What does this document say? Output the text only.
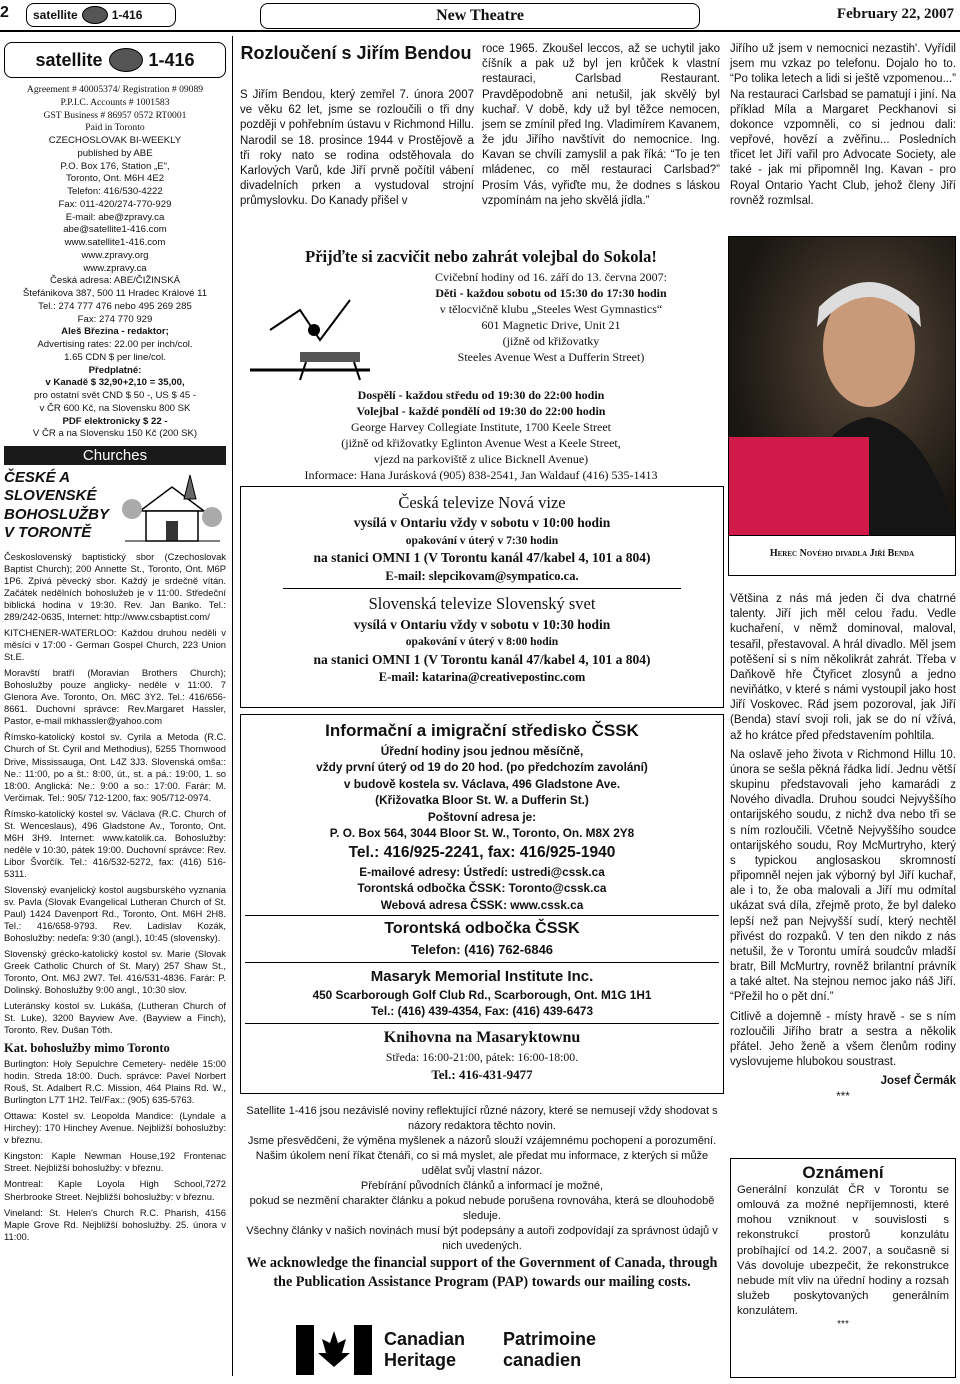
2	satellite	1-416	New Theatre	February 22, 2007
satellite	1-416
Agreement # 40005374/ Registration # 09089
P.P.I.C. Accounts # 1001583
GST Business # 86957 0572 RT0001
Paid in Toronto
CZECHOSLOVAK BI-WEEKLY
published by ABE
P.O. Box 176, Station „E",
Toronto, Ont. M6H 4E2
Telefon: 416/530-4222
Fax: 011-420/274-770-929
E-mail: abe@zpravy.ca
abe@satellite1-416.com
www.satellite1-416.com
www.zpravy.org
www.zpravy.ca
Česká adresa: ABE/ČIŽINSKÁ
Štefánikova 387, 500 11 Hradec Králové 11
Tel.: 274 777 476 nebo 495 269 285
Fax: 274 770 929
Aleš Březina - redaktor;
Advertising rates: 22.00 per inch/col.
1.65 CDN $ per line/col.
Předplatné:
v Kanadě $ 32,90+2,10 = 35,00,
pro ostatní svět CND $ 50 -, US $ 45 -
v ČR 600 Kč, na Slovensku 800 SK
PDF elektronicky $ 22 -
V ČR a na Slovensku 150 Kč (200 SK)
Churches
ČESKÉ A SLOVENSKÉ BOHOSLUŽBY V TORONTĚ

Československý baptistický sbor (Czechoslovak Baptist Church); 200 Annette St., Toronto, Ont. M6P 1P6. Zpívá pěvecký sbor. Každý je srdečně vítán. Začátek nedělních bohoslužeb je v 11:00. Středeční biblická hodina v 19:30. Rev. Jan Banko. Tel.: 289/242-0635, Internet: http://www.csbaptist.com/

KITCHENER-WATERLOO: Každou druhou neděli v měsíci v 17:00 - German Gospel Church, 223 Union St.E.

Moravští bratří (Moravian Brothers Church); Bohoslužby pouze anglicky- neděle v 11:00. 7 Glenora Ave. Toronto, On. M6C 3Y2. Tel.: 416/656-8661. Duchovní správce: Rev.Margaret Hassler, Pastor, e-mail mkhassler@yahoo.com

Římsko-katolický kostol sv. Cyrila a Metoda (R.C. Church of St. Cyril and Methodius), 5255 Thornwood Drive, Mississauga, Ont. L4Z 3J3. Slovenská omša:: Ne.: 11:00, po a št.: 8:00, út., st. a pá.: 19:00, 1. so 18:00. Anglická: Ne.: 9:00 a so.: 17:00. Farár: M. Verčimak. Tel.: 905/ 712-1200, fax: 905/712-0974.

Římsko-katolický kostel sv. Václava (R.C. Church of St. Wenceslaus), 496 Gladstone Av., Toronto, Ont. M6H 3H9. Internet: www.katolik.ca. Bohoslužby: neděle v 10:30, pátek 19:00. Duchovní správce: Rev. Libor Švorčík. Tel.: 416/532-5272, fax: (416) 516-5311.

Slovenský evanjelický kostol augsburského vyznania sv. Pavla (Slovak Evangelical Lutheran Church of St. Paul) 1424 Davenport Rd., Toronto, Ont. M6H 2H8. Tel.: 416/658-9793. Rev. Ladislav Kozák, Bohoslužby: nedeľa: 9:30 (angl.), 10:45 (slovensky).

Slovenský grécko-katolický kostol sv. Marie (Slovak Greek Catholic Church of St. Mary) 257 Shaw St., Toronto, Ont. M6J 2W7. Tel. 416/531-4836. Farár: P. Dolinský. Bohoslužby 9:00 angl., 10:30 slov.

Luteránsky kostol sv. Lukáša, (Lutheran Church of St. Luke), 3200 Bayview Ave. (Bayview a Finch), Toronto. Rev. Dušan Tóth.

Kat. bohoslužby mimo Toronto

Burlington: Holy Sepulchre Cemetery- neděle 15:00 hodin. Streda 18:00. Duch. správce: Pavel Norbert Rouš, St. Adalbert R.C. Mission, 464 Plains Rd. W., Burlington L7T 1H2. Tel/Fax.: (905) 635-5763.

Ottawa: Kostel sv. Leopolda Mandice: (Lyndale a Hirchey): 170 Hinchey Avenue. Nejbližší bohoslužby: v březnu.

Kingston: Kaple Newman House,192 Frontenac Street. Nejbližší bohoslužby: v březnu.

Montreal: Kaple Loyola High School,7272 Sherbrooke Street. Nejbližší bohoslužby: v březnu.

Vineland: St. Helen's Church R.C. Pharish, 4156 Maple Grove Rd. Nejbližší bohoslužby. 25. února v 11:00.

Rozloučení s Jiřím Bendou

S Jiřím Bendou, který zemřel 7. února 2007 ve věku 62 let, jsme se rozloučili o tři dny později v pohřebním ústavu v Richmond Hillu. Narodil se 18. prosince 1944 v Prostějově a tři roky nato se rodina odstěhovala do Karlových Varů, kde Jiří prvně počítil vábení divadelních prken a vystudoval strojní průmyslovku. Do Kanady přišel v

roce 1965. Zkoušel leccos, až se uchytil jako číšník a pak už byl jen krůček k vlastní restauraci, Carlsbad Restaurant. Pravděpodobně ani netušil, jak skvělý byl kuchař. V době, kdy už byl těžce nemocen, jsem se zmínil před Ing. Vladimírem Kavanem, že jdu Jiřího navštívit do nemocnice. Ing. Kavan se chvíli zamyslil a pak říká: “To je ten mládenec, co měl restauraci Carlsbad?” Prosím Vás, vyřiďte mu, že dodnes s láskou vzpomínám na jeho skvělá jídla.”

Jiřího už jsem v nemocnici nezastih'. Vyřídil jsem mu vzkaz po telefonu. Dojalo ho to. “Po tolika letech a lidi si ještě vzpomenou...” Na restauraci Carlsbad se pamatují i jiní. Na příklad Míla a Margaret Peckhanovi si dokonce vzpomněli, co si jednou dali: vepřové, hovězí a zvěřinu... Posledních třicet let Jiří vařil pro Advocate Society, ale také - jak mi připomněl Ing. Kavan - pro Royal Ontario Yacht Club, jehož členy Jiří rovněž rozmlsal.

Herec Nového divadla Jiří Benda

Většina z nás má jeden či dva chatrné talenty. Jiří jich měl celou řadu. Vedle kuchaření, v němž dominoval, maloval, tesařil, přestavoval. A hrál divadlo. Měl jsem potěšení si s ním několikrát zahrát. Třeba v Daňkově hře Čtyřicet zlosynů a jedno neviňátko, v které s námi vystoupil jako host Jiří Voskovec. Rád jsem pozoroval, jak Jiří (Benda) staví svoji roli, jak se do ní vžívá, až ho krátce před představením pohltila.

Na oslavě jeho života v Richmond Hillu 10. února se sešla pěkná řádka lidí. Jednu větší skupinu představovali jeho kamarádi z Nového divadla. Druhou soudci Nejvyššího ontarijského soudu, z nichž dva nebo tři se s ním rozloučili. Včetně Nejvyššího soudce ontarijského soudu, Roy McMurtryho, který s typickou anglosaskou skromností připomněl nejen jak výborný byl Jiří kuchař, ale i to, že oba malovali a Jiří mu odmítal ukázat svá díla, zřejmě proto, že byl daleko lepší než pan Nejvyšší sudí, který nechtěl přivést do rozpaků. V ten den nikdo z nás netušil, že v Torontu umírá soudcův mladší bratr, Bill McMurtry, rovněž brilantní právník a také altet. Na stejnou nemoc jako náš Jiří. “Přežil ho o pět dní.”

Citlivě a dojemně - místy hravě - se s ním rozloučili Jiřího bratr a sestra a několik přátel. Jeho ženě a všem členům rodiny vyslovujeme hlubokou soustrast.

Josef Čermák
***
Oznámení

Generální konzulát ČR v Torontu se omlouvá za možné nepříjemnosti, které mohou vzniknout v souvislosti s rekonstrukcí prostorů konzulátu probíhající od 14.2. 2007, a současně si Vás dovoluje ubezpečit, že rekonstrukce nebude mít vliv na úřední hodiny a rozsah služeb poskytovaných generálním konzulátem.

***
Přijďte si zacvičit nebo zahrát volejbal do Sokola!
Cvičební hodiny od 16. září do 13. června 2007:
Děti - každou sobotu od 15:30 do 17:30 hodin
v tělocvičně klubu „Steeles West Gymnastics“
601 Magnetic Drive, Unit 21
(jižně od křižovatky
Steeles Avenue West a Dufferin Street)
Dospělí - každou středu od 19:30 do 22:00 hodin
Volejbal - každé pondělí od 19:30 do 22:00 hodin
George Harvey Collegiate Institute, 1700 Keele Street
(jižně od křižovatky Eglinton Avenue West a Keele Street,
vjezd na parkoviště z ulice Bicknell Avenue)
Informace: Hana Jurásková (905) 838-2541, Jan Waldauf (416) 535-1413
Česká televize Nová vize
vysílá v Ontariu vždy v sobotu v 10:00 hodin
opakování v úterý v 7:30 hodin
na stanici OMNI 1 (V Torontu kanál 47/kabel 4, 101 a 804)
E-mail: slepcikovam@sympatico.ca.
Slovenská televize Slovenský svet
vysílá v Ontariu vždy v sobotu v 10:30 hodin
opakování v úterý v 8:00 hodin
na stanici OMNI 1 (V Torontu kanál 47/kabel 4, 101 a 804)
E-mail: katarina@creativepostinc.com
Informační a imigrační středisko ČSSK
Úřední hodiny jsou jednou měsíčně,
vždy první úterý od 19 do 20 hod. (po předchozím zavolání)
v budově kostela sv. Václava, 496 Gladstone Ave.
(Křižovatka Bloor St. W. a Dufferin St.)
Poštovní adresa je:
P. O. Box 564, 3044 Bloor St. W., Toronto, On. M8X 2Y8
Tel.: 416/925-2241, fax: 416/925-1940
E-mailové adresy: Ústředí: ustredi@cssk.ca
Torontská odbočka ČSSK: Toronto@cssk.ca
Webová adresa ČSSK: www.cssk.ca
Torontská odbočka ČSSK
Telefon: (416) 762-6846
Masaryk Memorial Institute Inc.
450 Scarborough Golf Club Rd., Scarborough, Ont. M1G 1H1
Tel.: (416) 439-4354, Fax: (416) 439-6473
Knihovna na Masaryktownu
Středa: 16:00-21:00, pátek: 16:00-18:00.
Tel.: 416-431-9477
Satellite 1-416 jsou nezávislé noviny reflektující různé názory, které se nemusejí vždy shodovat s názory redaktora těchto novin.
Jsme přesvědčeni, že výměna myšlenek a názorů slouží vzájemnému pochopení a porozumění. Našim úkolem není říkat čtenáři, co si má myslet, ale předat mu informace, z kterých si může udělat svůj vlastní názor.
Přebírání původních článků a informací je možné,
pokud se nezmění charakter článku a pokud nebude porušena rovnováha, která se dlouhodobě sleduje.
Všechny články v našich novinách musí být podepsány a autoři zodpovídají za správnost údajů v nich uvedených.
We acknowledge the financial support of the Government of Canada, through the Publication Assistance Program (PAP) towards our mailing costs.
Canadian
Heritage
Patrimoine
canadien
